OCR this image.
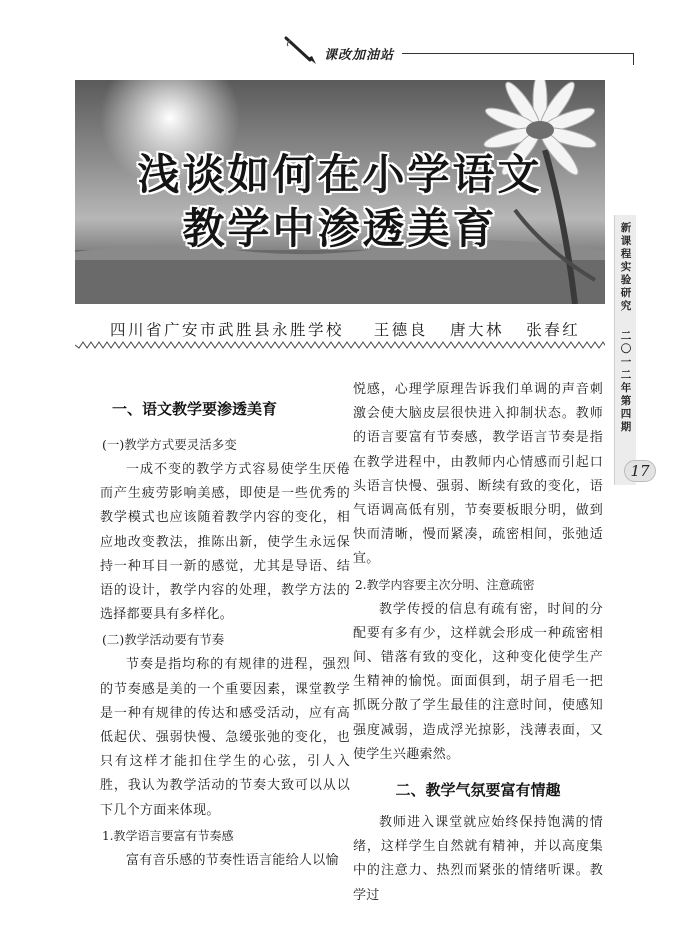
课改加油站
新课程实验研究
二〇一二年第四期
17
浅谈如何在小学语文
教学中渗透美育
四川省广安市武胜县永胜学校    王德良   唐大林   张春红
一、语文教学要渗透美育
(一)教学方式要灵活多变

一成不变的教学方式容易使学生厌倦而产生疲劳影响美感，即使是一些优秀的教学模式也应该随着教学内容的变化，相应地改变教法，推陈出新，使学生永远保持一种耳目一新的感觉，尤其是导语、结语的设计，教学内容的处理，教学方法的选择都要具有多样化。

(二)教学活动要有节奏

节奏是指均称的有规律的进程，强烈的节奏感是美的一个重要因素，课堂教学是一种有规律的传达和感受活动，应有高低起伏、强弱快慢、急缓张弛的变化，也只有这样才能扣住学生的心弦，引人入胜，我认为教学活动的节奏大致可以从以下几个方面来体现。

1.教学语言要富有节奏感

富有音乐感的节奏性语言能给人以愉

悦感，心理学原理告诉我们单调的声音刺激会使大脑皮层很快进入抑制状态。教师的语言要富有节奏感，教学语言节奏是指在教学进程中，由教师内心情感而引起口头语言快慢、强弱、断续有致的变化，语气语调高低有别，节奏要板眼分明，做到快而清晰，慢而紧凑，疏密相间，张弛适宜。

2.教学内容要主次分明、注意疏密

教学传授的信息有疏有密，时间的分配要有多有少，这样就会形成一种疏密相间、错落有致的变化，这种变化使学生产生精神的愉悦。面面俱到，胡子眉毛一把抓既分散了学生最佳的注意时间，使感知强度减弱，造成浮光掠影，浅薄表面，又使学生兴趣索然。

二、教学气氛要富有情趣

教师进入课堂就应始终保持饱满的情绪，这样学生自然就有精神，并以高度集中的注意力、热烈而紧张的情绪听课。教学过
